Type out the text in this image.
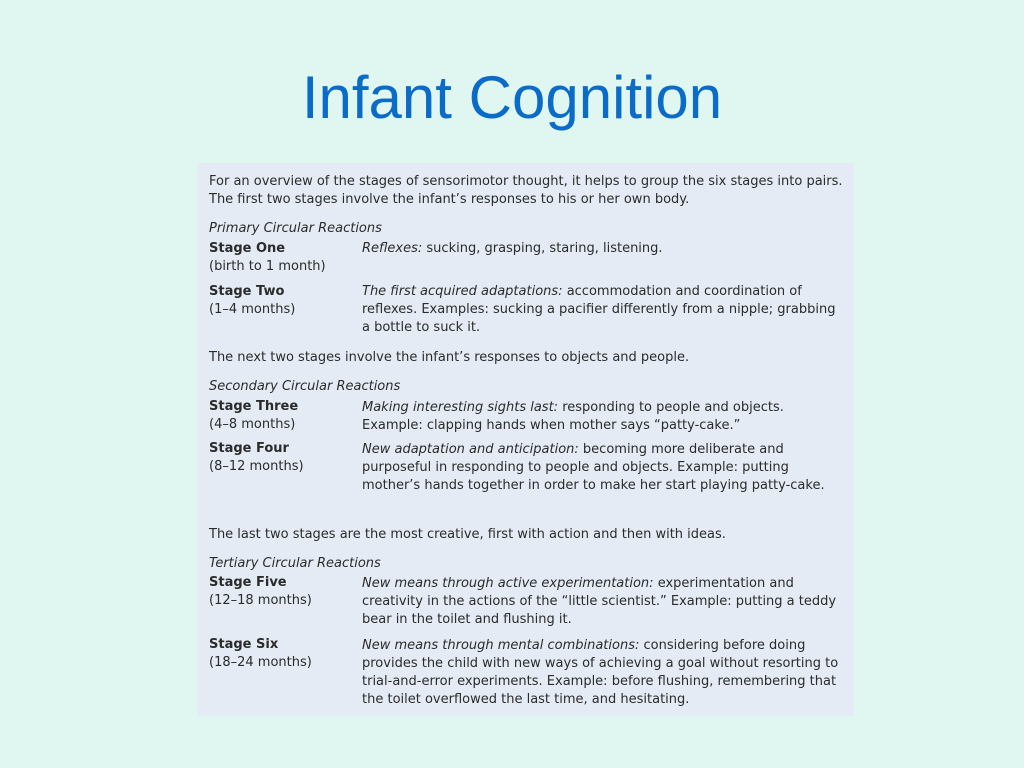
Infant Cognition

For an overview of the stages of sensorimotor thought, it helps to group the six stages into pairs. The first two stages involve the infant’s responses to his or her own body.

Primary Circular Reactions

Stage One
(birth to 1 month)

Reflexes: sucking, grasping, staring, listening.

Stage Two
(1–4 months)

The first acquired adaptations: accommodation and coordination of reflexes. Examples: sucking a pacifier differently from a nipple; grabbing a bottle to suck it.

The next two stages involve the infant’s responses to objects and people.

Secondary Circular Reactions

Stage Three
(4–8 months)

Making interesting sights last: responding to people and objects. Example: clapping hands when mother says “patty-cake.”

Stage Four
(8–12 months)

New adaptation and anticipation: becoming more deliberate and purposeful in responding to people and objects. Example: putting mother’s hands together in order to make her start playing patty-cake.

The last two stages are the most creative, first with action and then with ideas.

Tertiary Circular Reactions

Stage Five
(12–18 months)

New means through active experimentation: experimentation and creativity in the actions of the “little scientist.” Example: putting a teddy bear in the toilet and flushing it.

Stage Six
(18–24 months)

New means through mental combinations: considering before doing provides the child with new ways of achieving a goal without resorting to trial-and-error experiments. Example: before flushing, remembering that the toilet overflowed the last time, and hesitating.
